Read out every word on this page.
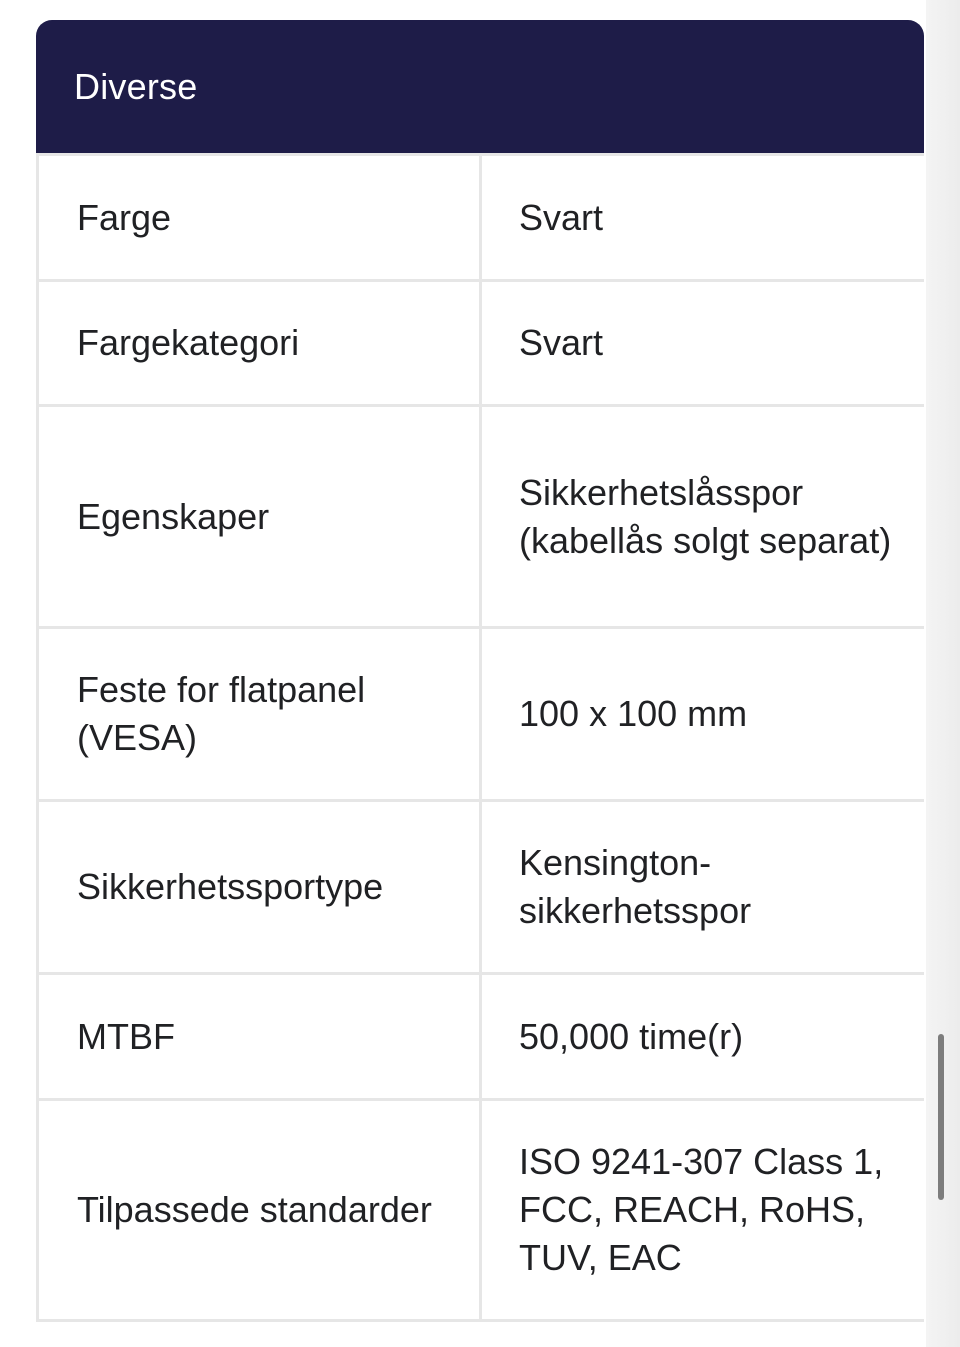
Diverse
Farge	Svart
Fargekategori	Svart
Egenskaper	Sikkerhetslåsspor (kabellås solgt separat)
Feste for flatpanel (VESA)	100 x 100 mm
Sikkerhetssportype	Kensington-sikkerhetsspor
MTBF	50,000 time(r)
Tilpassede standarder	ISO 9241-307 Class 1, FCC, REACH, RoHS, TUV, EAC
